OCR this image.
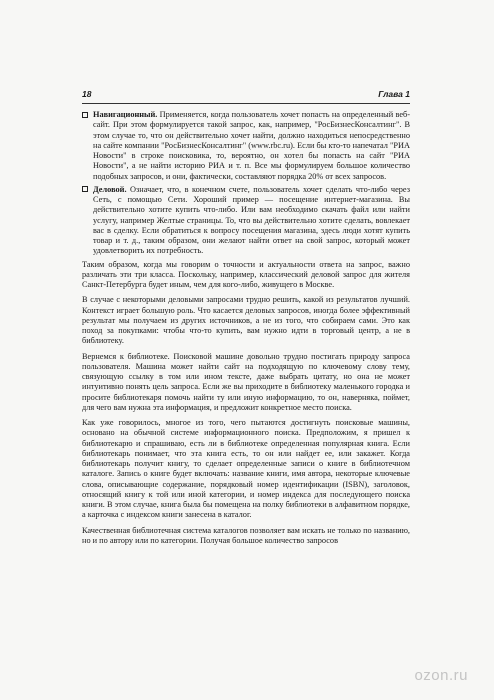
18	Глава 1
Навигационный. Применяется, когда пользователь хочет попасть на определенный веб-сайт. При этом формулируется такой запрос, как, например, "РосБизнесКонсалтинг". В этом случае то, что он действительно хочет найти, должно находиться непосредственно на сайте компании "РосБизнесКонсалтинг" (www.rbc.ru). Если бы кто-то напечатал "РИА Новости" в строке поисковика, то, вероятно, он хотел бы попасть на сайт "РИА Новости", а не найти историю РИА и т. п. Все мы формулируем большое количество подобных запросов, и они, фактически, составляют порядка 20% от всех запросов.
Деловой. Означает, что, в конечном счете, пользователь хочет сделать что-либо через Сеть, с помощью Сети. Хороший пример — посещение интернет-магазина. Вы действительно хотите купить что-либо. Или вам необходимо скачать файл или найти услугу, например Желтые страницы. То, что вы действительно хотите сделать, вовлекает вас в сделку. Если обратиться к вопросу посещения магазина, здесь люди хотят купить товар и т. д., таким образом, они желают найти ответ на свой запрос, который может удовлетворить их потребность.

Таким образом, когда мы говорим о точности и актуальности ответа на запрос, важно различать эти три класса. Поскольку, например, классический деловой запрос для жителя Санкт-Петербурга будет иным, чем для кого-либо, живущего в Москве.

В случае с некоторыми деловыми запросами трудно решить, какой из результатов лучший. Контекст играет большую роль. Что касается деловых запросов, иногда более эффективный результат мы получаем из других источников, а не из того, что собираем сами. Это как поход за покупками: чтобы что-то купить, вам нужно идти в торговый центр, а не в библиотеку.

Вернемся к библиотеке. Поисковой машине довольно трудно постигать природу запроса пользователя. Машина может найти сайт на подходящую по ключевому слову тему, связующую ссылку в том или ином тексте, даже выбрать цитату, но она не может интуитивно понять цель запроса. Если же вы приходите в библиотеку маленького городка и просите библиотекаря помочь найти ту или иную информацию, то он, наверняка, поймет, для чего вам нужна эта информация, и предложит конкретное место поиска.

Как уже говорилось, многое из того, чего пытаются достигнуть поисковые машины, основано на обычной системе информационного поиска. Предположим, я пришел к библиотекарю и спрашиваю, есть ли в библиотеке определенная популярная книга. Если библиотекарь понимает, что эта книга есть, то он или найдет ее, или закажет. Когда библиотекарь получит книгу, то сделает определенные записи о книге в библиотечном каталоге. Запись о книге будет включать: название книги, имя автора, некоторые ключевые слова, описывающие содержание, порядковый номер идентификации (ISBN), заголовок, относящий книгу к той или иной категории, и номер индекса для последующего поиска книги. В этом случае, книга была бы помещена на полку библиотеки в алфавитном порядке, а карточка с индексом книги занесена в каталог.

Качественная библиотечная система каталогов позволяет вам искать не только по названию, но и по автору или по категории. Получая большое количество запросов

ozon.ru
